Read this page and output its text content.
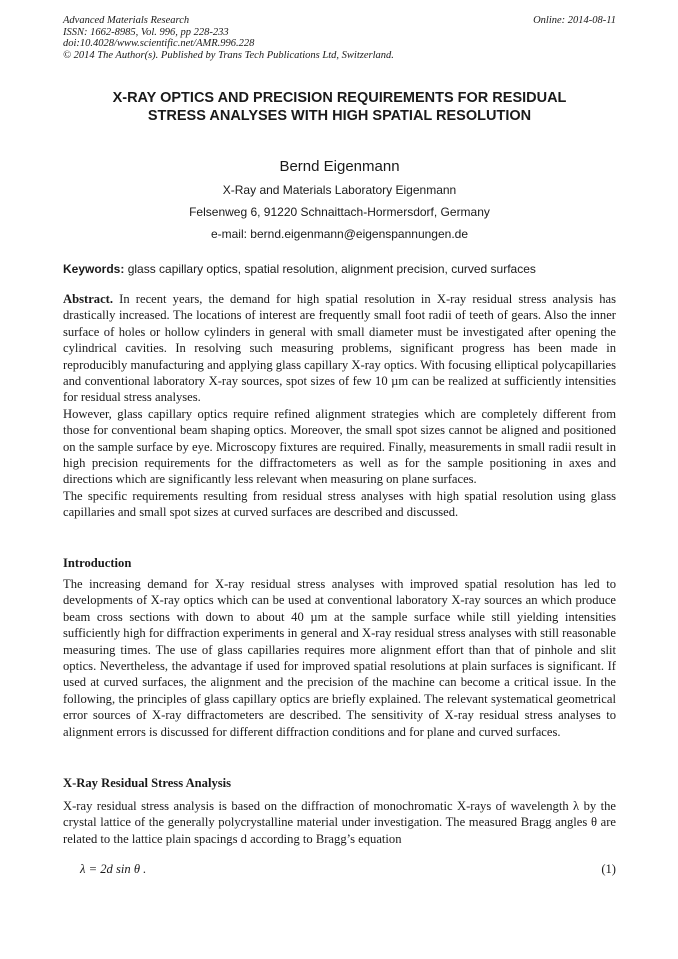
Advanced Materials Research
ISSN: 1662-8985, Vol. 996, pp 228-233
doi:10.4028/www.scientific.net/AMR.996.228
© 2014 The Author(s). Published by Trans Tech Publications Ltd, Switzerland.
Online: 2014-08-11
X-RAY OPTICS AND PRECISION REQUIREMENTS FOR RESIDUAL
STRESS ANALYSES WITH HIGH SPATIAL RESOLUTION
Bernd Eigenmann
X-Ray and Materials Laboratory Eigenmann
Felsenweg 6, 91220 Schnaittach-Hormersdorf, Germany
e-mail: bernd.eigenmann@eigenspannungen.de
Keywords: glass capillary optics, spatial resolution, alignment precision, curved surfaces

Abstract. In recent years, the demand for high spatial resolution in X-ray residual stress analysis has drastically increased. The locations of interest are frequently small foot radii of teeth of gears. Also the inner surface of holes or hollow cylinders in general with small diameter must be investigated after opening the cylindrical cavities. In resolving such measuring problems, significant progress has been made in reproducibly manufacturing and applying glass capillary X-ray optics. With focusing elliptical polycapillaries and conventional laboratory X-ray sources, spot sizes of few 10 µm can be realized at sufficiently intensities for residual stress analyses.

However, glass capillary optics require refined alignment strategies which are completely different from those for conventional beam shaping optics. Moreover, the small spot sizes cannot be aligned and positioned on the sample surface by eye. Microscopy fixtures are required. Finally, measurements in small radii result in high precision requirements for the diffractometers as well as for the sample positioning in axes and directions which are significantly less relevant when measuring on plane surfaces.

The specific requirements resulting from residual stress analyses with high spatial resolution using glass capillaries and small spot sizes at curved surfaces are described and discussed.

Introduction

The increasing demand for X-ray residual stress analyses with improved spatial resolution has led to developments of X-ray optics which can be used at conventional laboratory X-ray sources an which produce beam cross sections with down to about 40 µm at the sample surface while still yielding intensities sufficiently high for diffraction experiments in general and X-ray residual stress analyses with still reasonable measuring times. The use of glass capillaries requires more alignment effort than that of pinhole and slit optics. Nevertheless, the advantage if used for improved spatial resolutions at plain surfaces is significant. If used at curved surfaces, the alignment and the precision of the machine can become a critical issue. In the following, the principles of glass capillary optics are briefly explained. The relevant systematical geometrical error sources of X-ray diffractometers are described. The sensitivity of X-ray residual stress analyses to alignment errors is discussed for different diffraction conditions and for plane and curved surfaces.

X-Ray Residual Stress Analysis

X-ray residual stress analysis is based on the diffraction of monochromatic X-rays of wavelength λ by the crystal lattice of the generally polycrystalline material under investigation. The measured Bragg angles θ are related to the lattice plain spacings d according to Bragg’s equation

λ = 2d sin θ .	(1)
